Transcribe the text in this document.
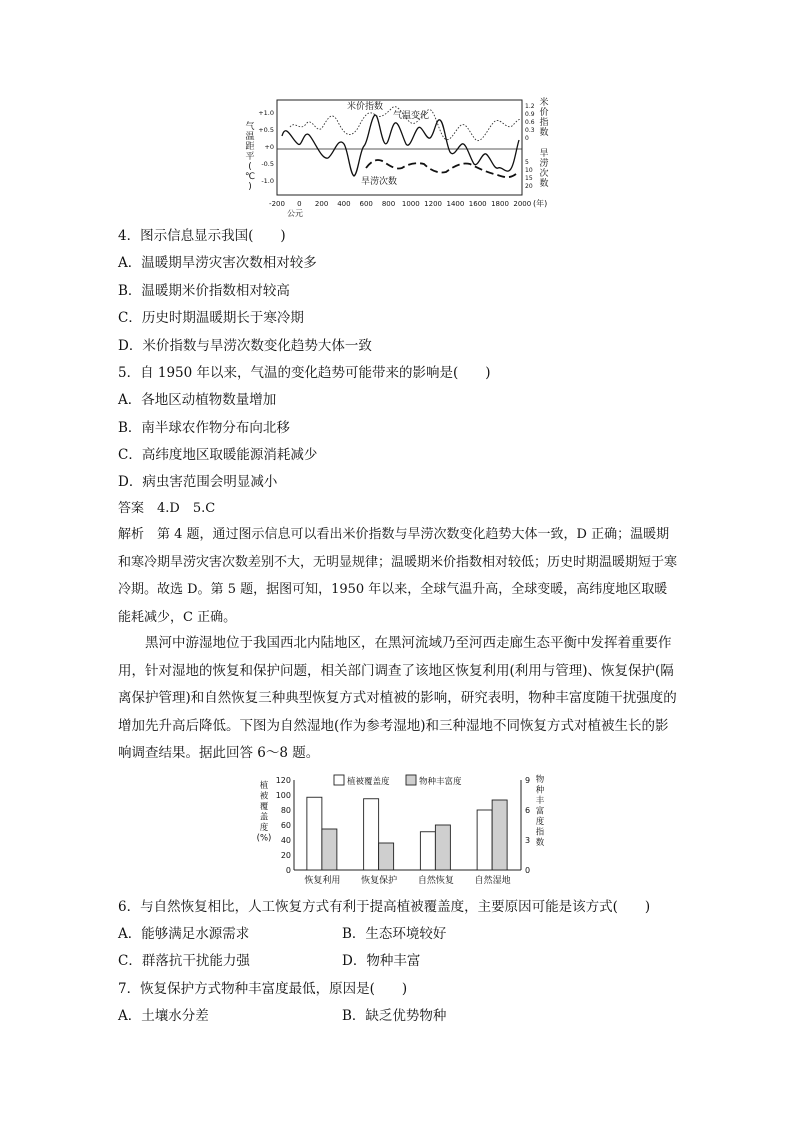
气
温
距
平
(
℃
)
+1.0
+0.5
+0
-0.5
-1.0
米
价
指
数
1.2
0.9
0.6
0.3
0
旱
涝
次
数
5
10
15
20
-200 0 200 400 600 800 1000 1200 1400 1600 1800 2000 (年)
公元
米价指数
气温变化
旱涝次数
4．图示信息显示我国(　　)
A．温暖期旱涝灾害次数相对较多
B．温暖期米价指数相对较高
C．历史时期温暖期长于寒冷期
D．米价指数与旱涝次数变化趋势大体一致
5．自 1950 年以来，气温的变化趋势可能带来的影响是(　　)
A．各地区动植物数量增加
B．南半球农作物分布向北移
C．高纬度地区取暖能源消耗减少
D．病虫害范围会明显减小
答案　4.D　5.C
解析　第 4 题，通过图示信息可以看出米价指数与旱涝次数变化趋势大体一致，D 正确；温暖期和寒冷期旱涝灾害次数差别不大，无明显规律；温暖期米价指数相对较低；历史时期温暖期短于寒冷期。故选 D。第 5 题，据图可知，1950 年以来，全球气温升高，全球变暖，高纬度地区取暖能耗减少，C 正确。
黑河中游湿地位于我国西北内陆地区，在黑河流域乃至河西走廊生态平衡中发挥着重要作用，针对湿地的恢复和保护问题，相关部门调查了该地区恢复利用(利用与管理)、恢复保护(隔离保护管理)和自然恢复三种典型恢复方式对植被的影响，研究表明，物种丰富度随干扰强度的增加先升高后降低。下图为自然湿地(作为参考湿地)和三种湿地不同恢复方式对植被生长的影响调查结果。据此回答 6～8 题。
植
被
覆
盖
度
(%)
物
种
丰
富
度
指
数
0
20
40
60
80
100
120
0
3
6
9
恢复利用 恢复保护 自然恢复 自然湿地
植被覆盖度	物种丰富度
6．与自然恢复相比，人工恢复方式有利于提高植被覆盖度，主要原因可能是该方式(　　)
A．能够满足水源需求	B．生态环境较好
C．群落抗干扰能力强	D．物种丰富
7．恢复保护方式物种丰富度最低，原因是(　　)
A．土壤水分差	B．缺乏优势物种
